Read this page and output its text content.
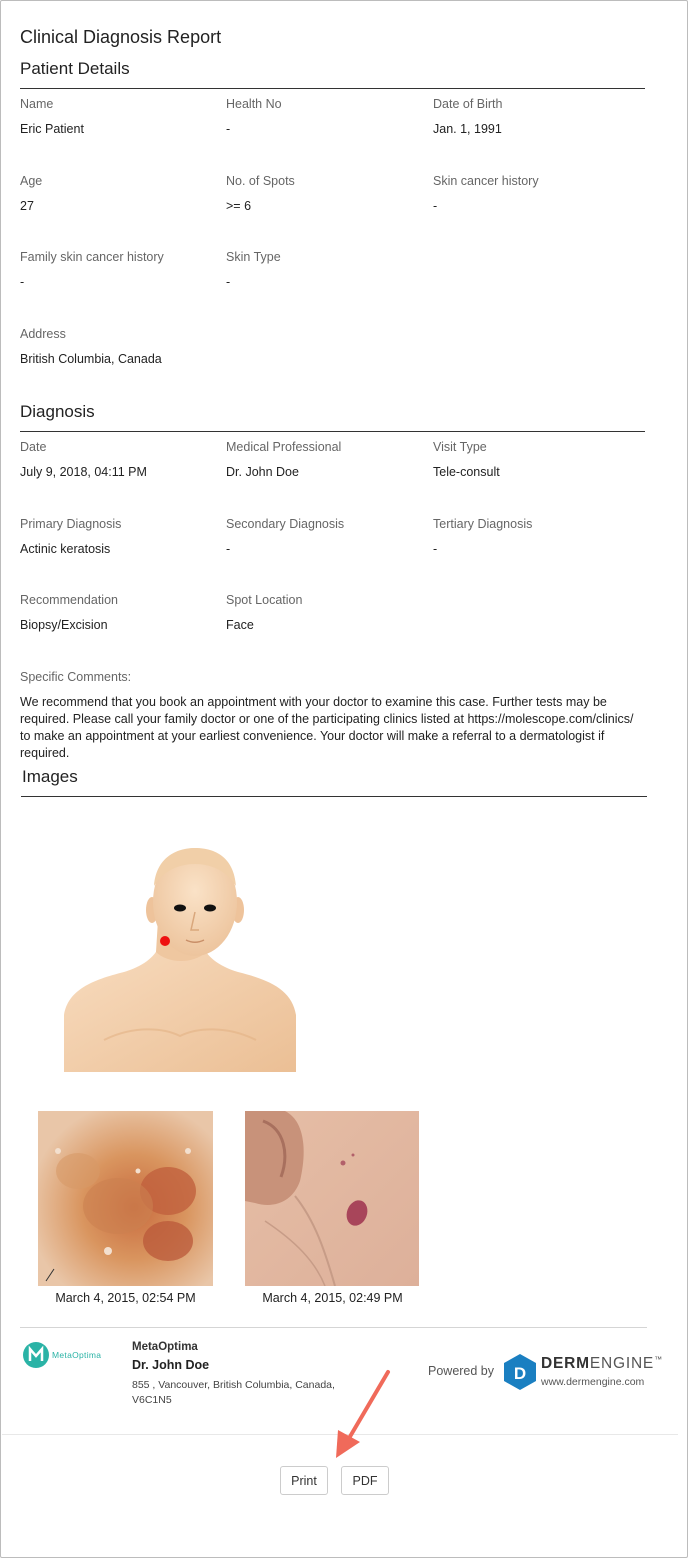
Clinical Diagnosis Report
Patient Details
Name
Eric Patient
Health No
-
Date of Birth
Jan. 1, 1991
Age
27
No. of Spots
>= 6
Skin cancer history
-
Family skin cancer history
-
Skin Type
-
Address
British Columbia, Canada
Diagnosis
Date
July 9, 2018, 04:11 PM
Medical Professional
Dr. John Doe
Visit Type
Tele-consult
Primary Diagnosis
Actinic keratosis
Secondary Diagnosis
-
Tertiary Diagnosis
-
Recommendation
Biopsy/Excision
Spot Location
Face
Specific Comments:
We recommend that you book an appointment with your doctor to examine this case. Further tests may be required. Please call your family doctor or one of the participating clinics listed at https://molescope.com/clinics/ to make an appointment at your earliest convenience. Your doctor will make a referral to a dermatologist if required.
Images
March 4, 2015, 02:54 PM	March 4, 2015, 02:49 PM
MetaOptima
MetaOptima
Dr. John Doe
855 , Vancouver, British Columbia, Canada,
V6C1N5
Powered by D
DERMENGINE™
www.dermengine.com
Print	PDF
